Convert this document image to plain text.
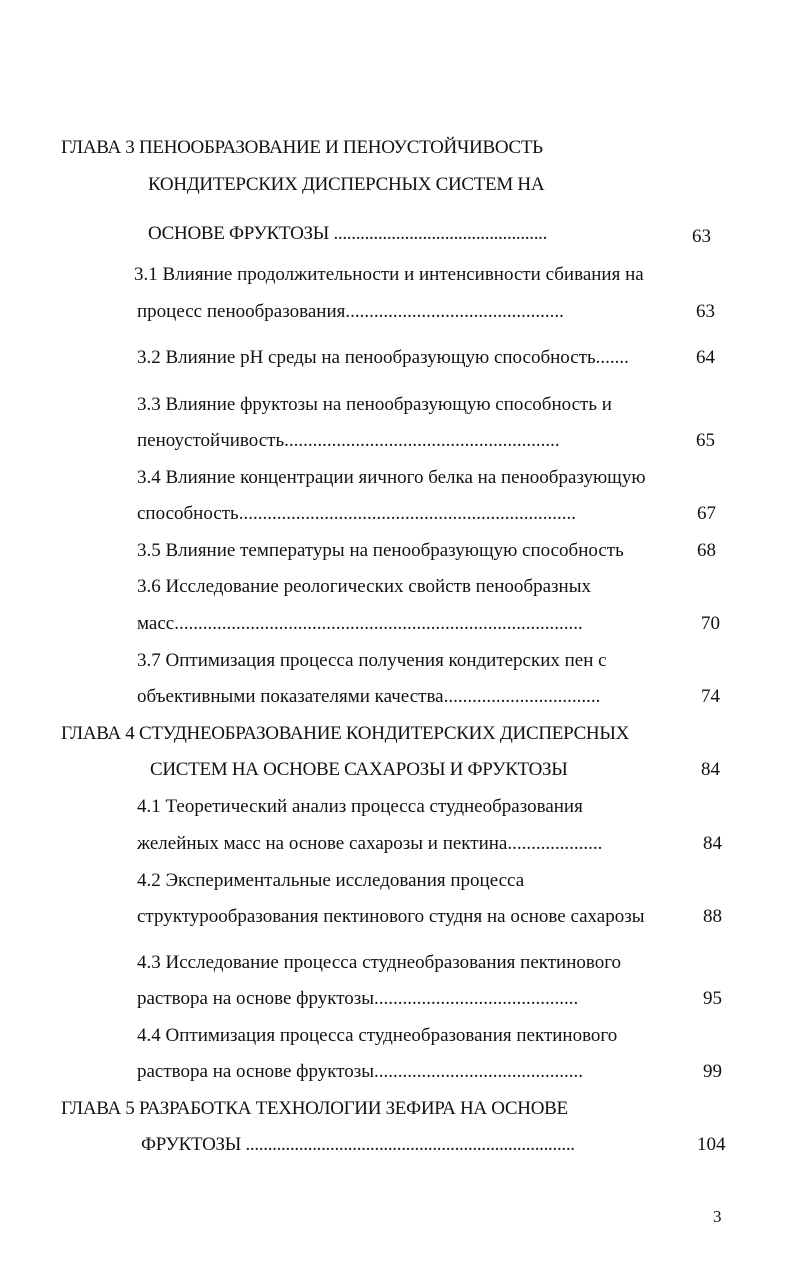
ГЛАВА 3 ПЕНООБРАЗОВАНИЕ И ПЕНОУСТОЙЧИВОСТЬ
КОНДИТЕРСКИХ ДИСПЕРСНЫХ СИСТЕМ НА
ОСНОВЕ ФРУКТОЗЫ ................................................	63
3.1 Влияние продолжительности и интенсивности сбивания на
процесс пенообразования..............................................	63
3.2 Влияние pH среды на пенообразующую способность.......	64
3.3 Влияние фруктозы на пенообразующую способность и
пеноустойчивость..........................................................	65
3.4 Влияние концентрации яичного белка на пенообразующую
способность.......................................................................	67
3.5 Влияние температуры на пенообразующую способность	68
3.6 Исследование реологических свойств пенообразных
масс......................................................................................	70
3.7 Оптимизация процесса получения кондитерских пен с
объективными показателями качества.................................	74
ГЛАВА 4 СТУДНЕОБРАЗОВАНИЕ КОНДИТЕРСКИХ ДИСПЕРСНЫХ
СИСТЕМ НА ОСНОВЕ САХАРОЗЫ И ФРУКТОЗЫ	84
4.1 Теоретический анализ процесса студнеобразования
желейных масс на основе сахарозы и пектина....................	84
4.2 Экспериментальные исследования процесса
структурообразования пектинового студня на основе сахарозы	88
4.3 Исследование процесса студнеобразования пектинового
раствора на основе фруктозы...........................................	95
4.4 Оптимизация процесса студнеобразования пектинового
раствора на основе фруктозы............................................	99
ГЛАВА 5 РАЗРАБОТКА ТЕХНОЛОГИИ ЗЕФИРА НА ОСНОВЕ
ФРУКТОЗЫ ..........................................................................	104
3
